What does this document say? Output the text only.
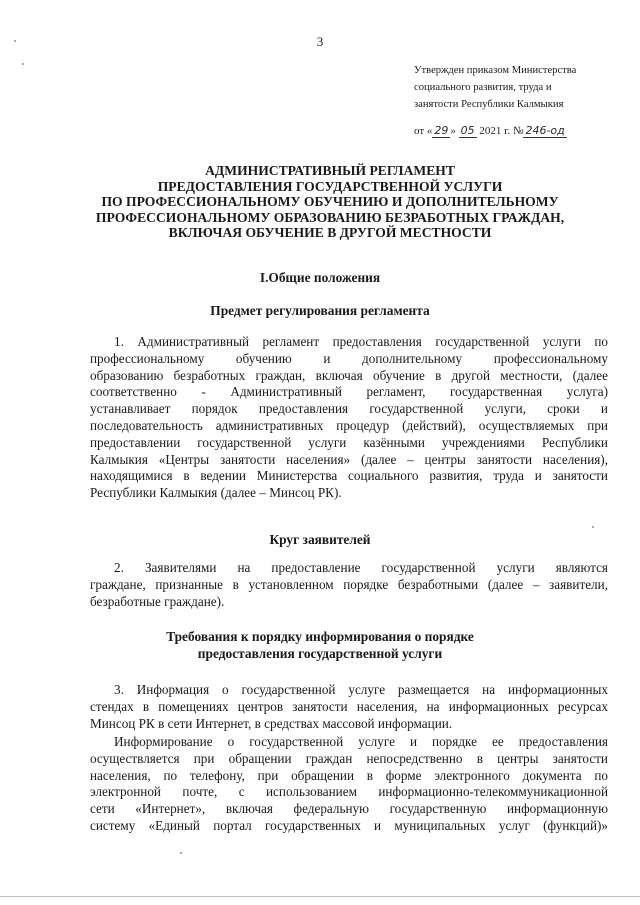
3
Утвержден приказом Министерства
социального развития, труда и
занятости Республики Калмыкия
от « 29 » 05 2021 г. № 246-од
АДМИНИСТРАТИВНЫЙ РЕГЛАМЕНТ
ПРЕДОСТАВЛЕНИЯ ГОСУДАРСТВЕННОЙ УСЛУГИ
ПО ПРОФЕССИОНАЛЬНОМУ ОБУЧЕНИЮ И ДОПОЛНИТЕЛЬНОМУ
ПРОФЕССИОНАЛЬНОМУ ОБРАЗОВАНИЮ БЕЗРАБОТНЫХ ГРАЖДАН,
ВКЛЮЧАЯ ОБУЧЕНИЕ В ДРУГОЙ МЕСТНОСТИ
I.Общие положения
Предмет регулирования регламента
1. Административный регламент предоставления государственной услуги по
профессиональному обучению и дополнительному профессиональному
образованию безработных граждан, включая обучение в другой местности, (далее
соответственно - Административный регламент, государственная услуга)
устанавливает порядок предоставления государственной услуги, сроки и
последовательность административных процедур (действий), осуществляемых при
предоставлении государственной услуги казёнными учреждениями Республики
Калмыкия «Центры занятости населения» (далее – центры занятости населения),
находящимися в ведении Министерства социального развития, труда и занятости
Республики Калмыкия (далее – Минсоц РК).
Круг заявителей
2. Заявителями на предоставление государственной услуги являются
граждане, признанные в установленном порядке безработными (далее – заявители,
безработные граждане).
Требования к порядку информирования о порядке
предоставления государственной услуги
3. Информация о государственной услуге размещается на информационных
стендах в помещениях центров занятости населения, на информационных ресурсах
Минсоц РК в сети Интернет, в средствах массовой информации.
Информирование о государственной услуге и порядке ее предоставления
осуществляется при обращении граждан непосредственно в центры занятости
населения, по телефону, при обращении в форме электронного документа по
электронной почте, с использованием информационно-телекоммуникационной
сети «Интернет», включая федеральную государственную информационную
систему «Единый портал государственных и муниципальных услуг (функций)»
